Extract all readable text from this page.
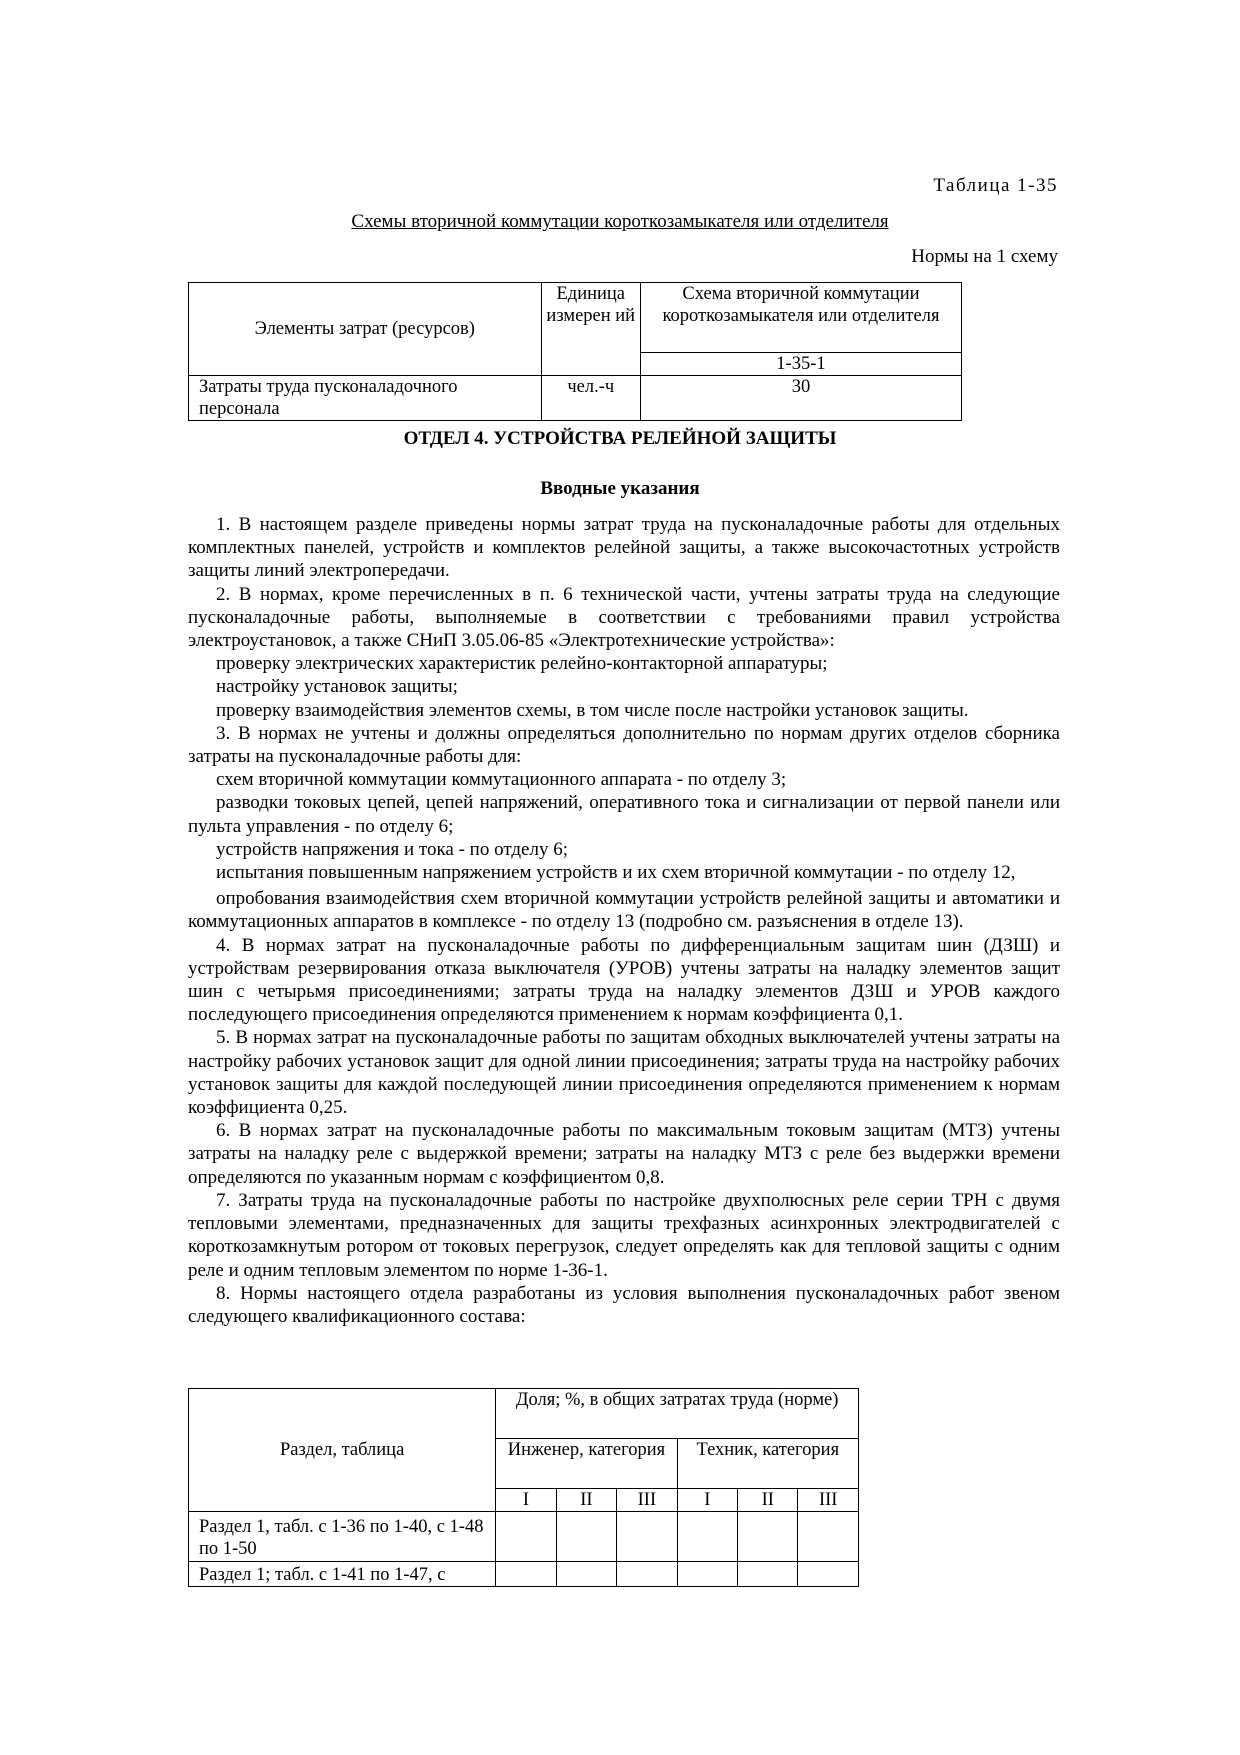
Таблица 1-35
Схемы вторичной коммутации короткозамыкателя или отделителя
Нормы на 1 схему
Элементы затрат (ресурсов)	Единица измерен ий	Схема вторичной коммутации короткозамыкателя или отделителя
		1-35-1
Затраты труда пусконаладочного персонала	чел.-ч	30
ОТДЕЛ 4. УСТРОЙСТВА РЕЛЕЙНОЙ ЗАЩИТЫ
Вводные указания

1. В настоящем разделе приведены нормы затрат труда на пусконаладочные работы для отдельных комплектных панелей, устройств и комплектов релейной защиты, а также высокочастотных устройств защиты линий электропередачи.

2. В нормах, кроме перечисленных в п. 6 технической части, учтены затраты труда на следующие пусконаладочные работы, выполняемые в соответствии с требованиями правил устройства электроустановок, а также СНиП 3.05.06-85 «Электротехнические устройства»:

проверку электрических характеристик релейно-контакторной аппаратуры;

настройку установок защиты;

проверку взаимодействия элементов схемы, в том числе после настройки установок защиты.

3. В нормах не учтены и должны определяться дополнительно по нормам других отделов сборника затраты на пусконаладочные работы для:

схем вторичной коммутации коммутационного аппарата - по отделу 3;

разводки токовых цепей, цепей напряжений, оперативного тока и сигнализации от первой панели или пульта управления - по отделу 6;

устройств напряжения и тока - по отделу 6;

испытания повышенным напряжением устройств и их схем вторичной коммутации - по отделу 12,

опробования взаимодействия схем вторичной коммутации устройств релейной защиты и автоматики и коммутационных аппаратов в комплексе - по отделу 13 (подробно см. разъяснения в отделе 13).

4. В нормах затрат на пусконаладочные работы по дифференциальным защитам шин (ДЗШ) и устройствам резервирования отказа выключателя (УРОВ) учтены затраты на наладку элементов защит шин с четырьмя присоединениями; затраты труда на наладку элементов ДЗШ и УРОВ каждого последующего присоединения определяются применением к нормам коэффициента 0,1.

5. В нормах затрат на пусконаладочные работы по защитам обходных выключателей учтены затраты на настройку рабочих установок защит для одной линии присоединения; затраты труда на настройку рабочих установок защиты для каждой последующей линии присоединения определяются применением к нормам коэффициента 0,25.

6. В нормах затрат на пусконаладочные работы по максимальным токовым защитам (МТЗ) учтены затраты на наладку реле с выдержкой времени; затраты на наладку МТЗ с реле без выдержки времени определяются по указанным нормам с коэффициентом 0,8.

7. Затраты труда на пусконаладочные работы по настройке двухполюсных реле серии ТРН с двумя тепловыми элементами, предназначенных для защиты трехфазных асинхронных электродвигателей с короткозамкнутым ротором от токовых перегрузок, следует определять как для тепловой защиты с одним реле и одним тепловым элементом по норме 1-36-1.

8. Нормы настоящего отдела разработаны из условия выполнения пусконаладочных работ звеном следующего квалификационного состава:

Раздел, таблица	Доля; %, в общих затратах труда (норме)					
	Инженер, категория			Техник, категория		
	I	II	III	I	II	III
Раздел 1, табл. с 1-36 по 1-40, с 1-48 по 1-50						
Раздел 1; табл. с 1-41 по 1-47, с						
